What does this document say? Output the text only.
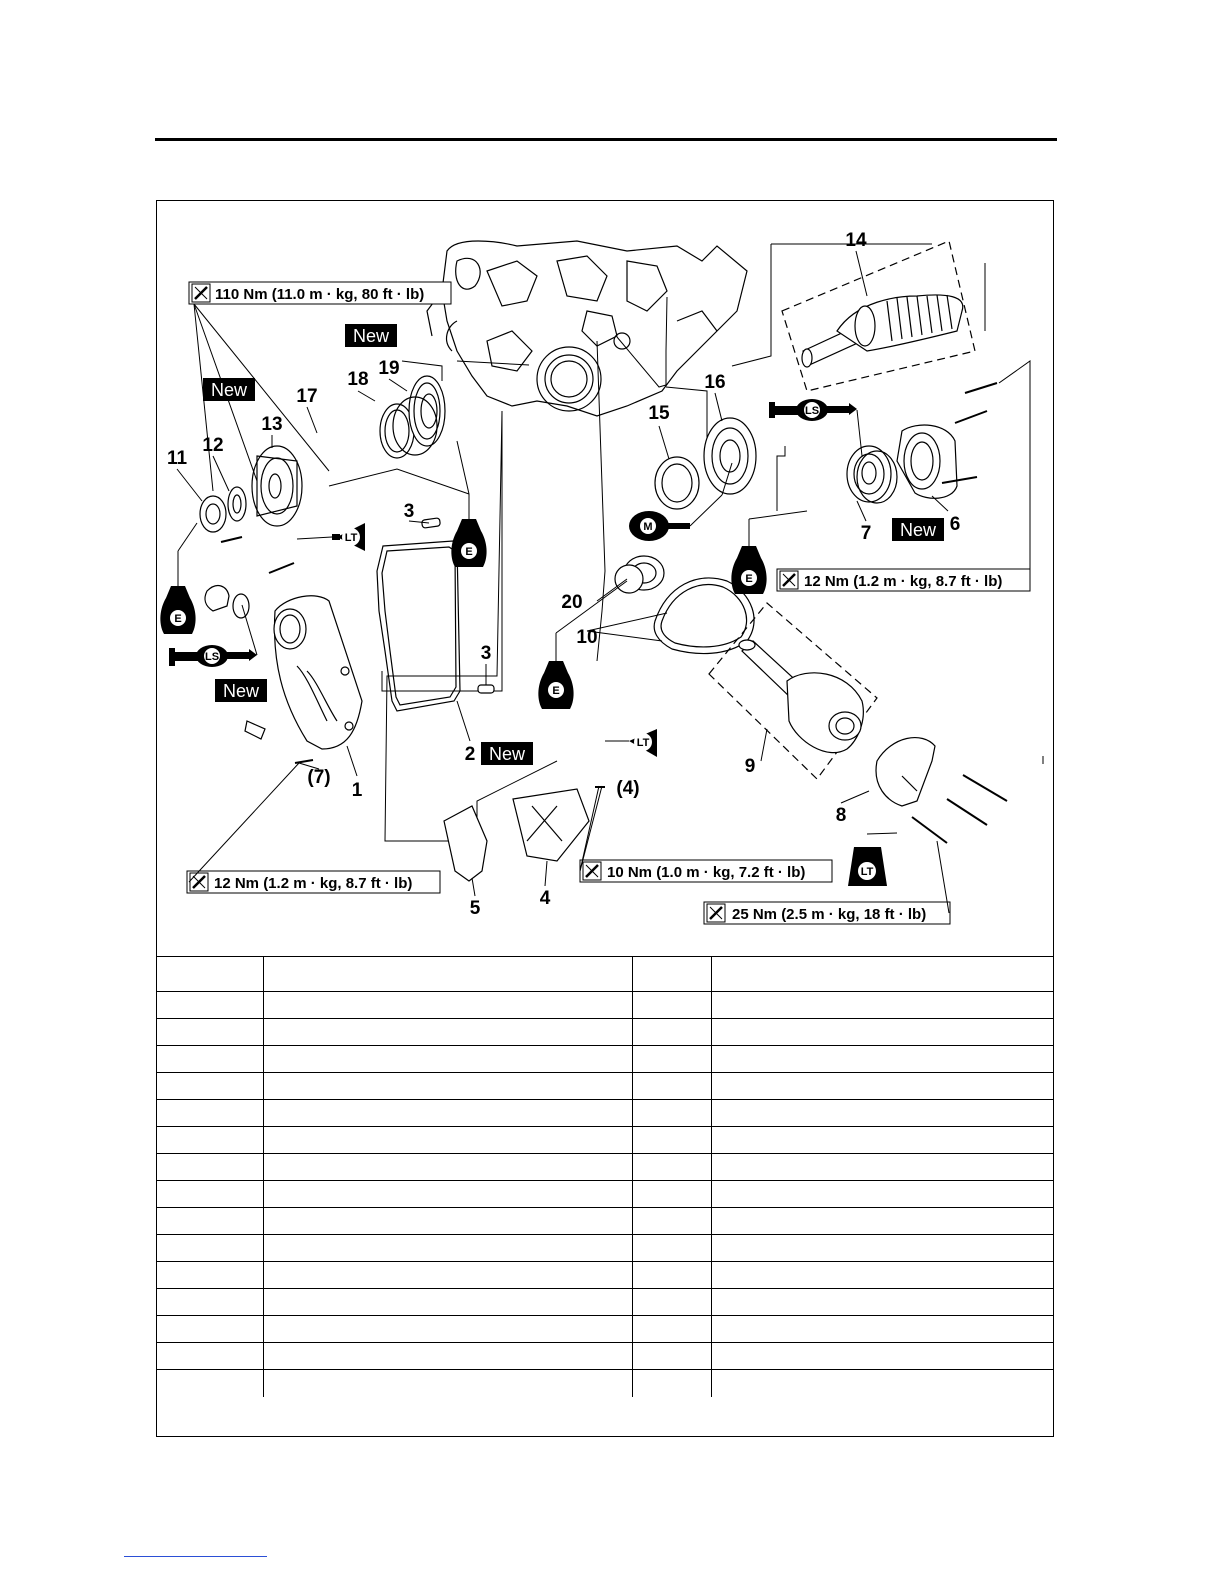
110 Nm (11.0 m · kg, 80 ft · lb)
12 Nm (1.2 m · kg, 8.7 ft · lb)
12 Nm (1.2 m · kg, 8.7 ft · lb)
10 Nm (1.0 m · kg, 7.2 ft · lb)
25 Nm (2.5 m · kg, 18 ft · lb)
New
New
New
New
New
LT
LT
LT
E
E
E
E
LS
LS
M
1
2
3
3
4
(4)
5
6
7
(7)
8
9
10
11
12
13
14
15
16
17
18
19
20
